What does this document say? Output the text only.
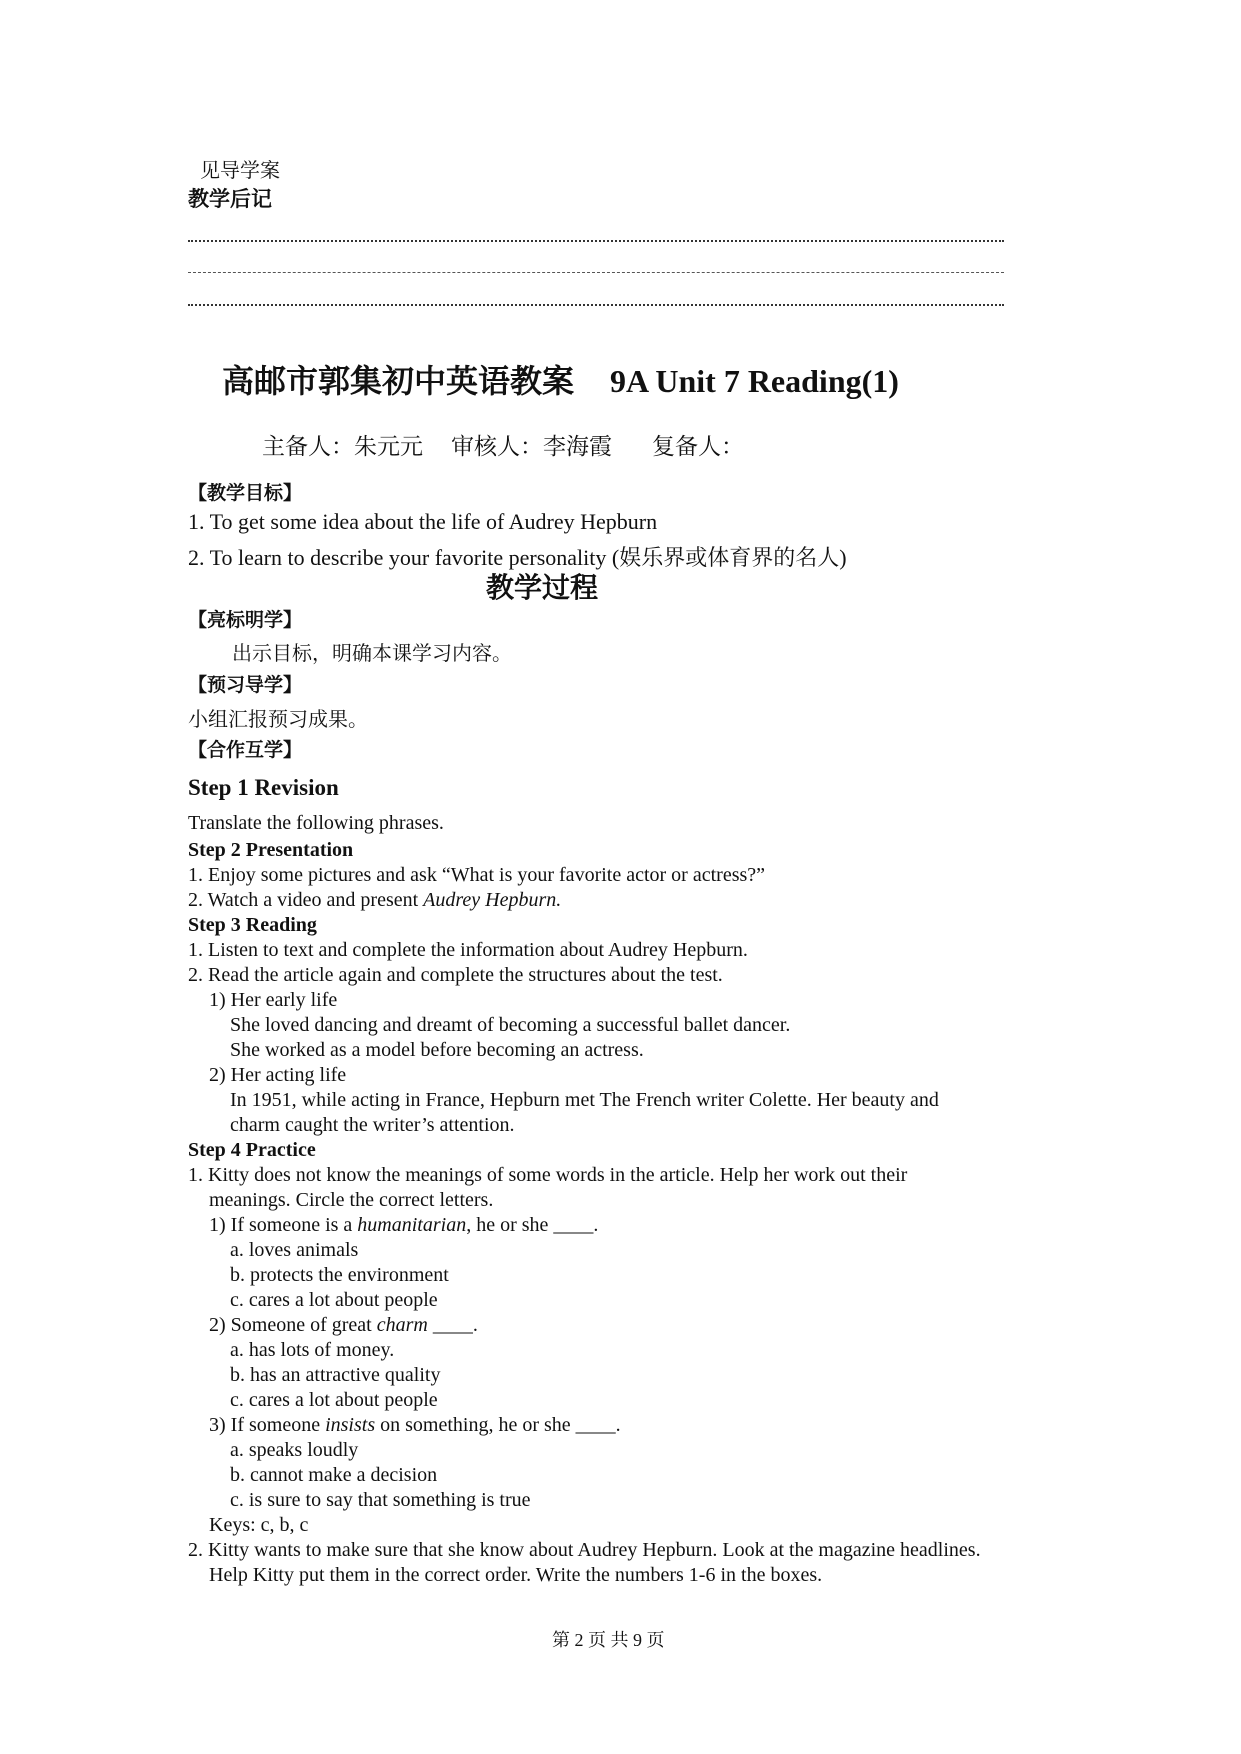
见导学案
教学后记
高邮市郭集初中英语教案 9A Unit 7 Reading(1)
主备人：朱元元 审核人：李海霞 复备人：
【教学目标】
1. To get some idea about the life of Audrey Hepburn
2. To learn to describe your favorite personality (娱乐界或体育界的名人)
教学过程
【亮标明学】
出示目标，明确本课学习内容。
【预习导学】
小组汇报预习成果。
【合作互学】
Step 1 Revision
Translate the following phrases.
Step 2 Presentation
1. Enjoy some pictures and ask “What is your favorite actor or actress?”
2. Watch a video and present Audrey Hepburn.
Step 3 Reading
1. Listen to text and complete the information about Audrey Hepburn.
2. Read the article again and complete the structures about the test.
1) Her early life
She loved dancing and dreamt of becoming a successful ballet dancer.
She worked as a model before becoming an actress.
2) Her acting life
In 1951, while acting in France, Hepburn met The French writer Colette. Her beauty and
charm caught the writer’s attention.
Step 4 Practice
1. Kitty does not know the meanings of some words in the article. Help her work out their
meanings. Circle the correct letters.
1) If someone is a humanitarian, he or she ____.
a. loves animals
b. protects the environment
c. cares a lot about people
2) Someone of great charm ____.
a. has lots of money.
b. has an attractive quality
c. cares a lot about people
3) If someone insists on something, he or she ____.
a. speaks loudly
b. cannot make a decision
c. is sure to say that something is true
Keys: c, b, c
2. Kitty wants to make sure that she know about Audrey Hepburn. Look at the magazine headlines.
Help Kitty put them in the correct order. Write the numbers 1-6 in the boxes.
第 2 页 共 9 页
